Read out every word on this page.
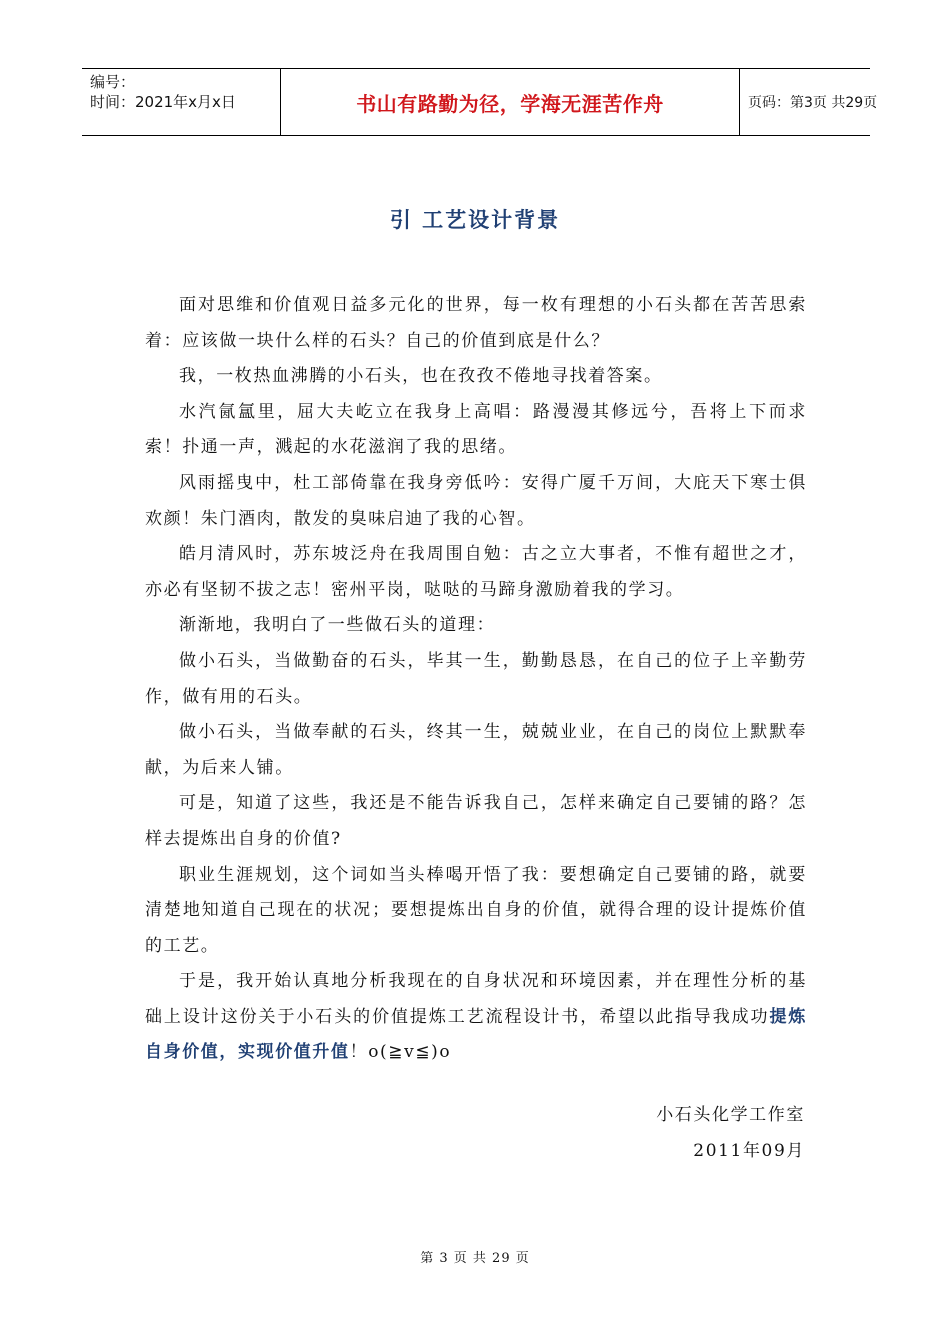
编号：
时间：2021年x月x日	书山有路勤为径，学海无涯苦作舟	页码：第3页 共29页
引 工艺设计背景

面对思维和价值观日益多元化的世界，每一枚有理想的小石头都在苦苦思索着：应该做一块什么样的石头？自己的价值到底是什么？

我，一枚热血沸腾的小石头，也在孜孜不倦地寻找着答案。

水汽氤氲里，屈大夫屹立在我身上高唱：路漫漫其修远兮，吾将上下而求索！扑通一声，溅起的水花滋润了我的思绪。

风雨摇曳中，杜工部倚靠在我身旁低吟：安得广厦千万间，大庇天下寒士俱欢颜！朱门酒肉，散发的臭味启迪了我的心智。

皓月清风时，苏东坡泛舟在我周围自勉：古之立大事者，不惟有超世之才，亦必有坚韧不拔之志！密州平岗，哒哒的马蹄身激励着我的学习。

渐渐地，我明白了一些做石头的道理：

做小石头，当做勤奋的石头，毕其一生，勤勤恳恳，在自己的位子上辛勤劳作，做有用的石头。

做小石头，当做奉献的石头，终其一生，兢兢业业，在自己的岗位上默默奉献，为后来人铺。

可是，知道了这些，我还是不能告诉我自己，怎样来确定自己要铺的路？怎样去提炼出自身的价值?

职业生涯规划，这个词如当头棒喝开悟了我：要想确定自己要铺的路，就要清楚地知道自己现在的状况；要想提炼出自身的价值，就得合理的设计提炼价值的工艺。

于是，我开始认真地分析我现在的自身状况和环境因素，并在理性分析的基础上设计这份关于小石头的价值提炼工艺流程设计书，希望以此指导我成功提炼自身价值，实现价值升值！o(≧v≦)o

小石头化学工作室
2011年09月
第 3 页 共 29 页
